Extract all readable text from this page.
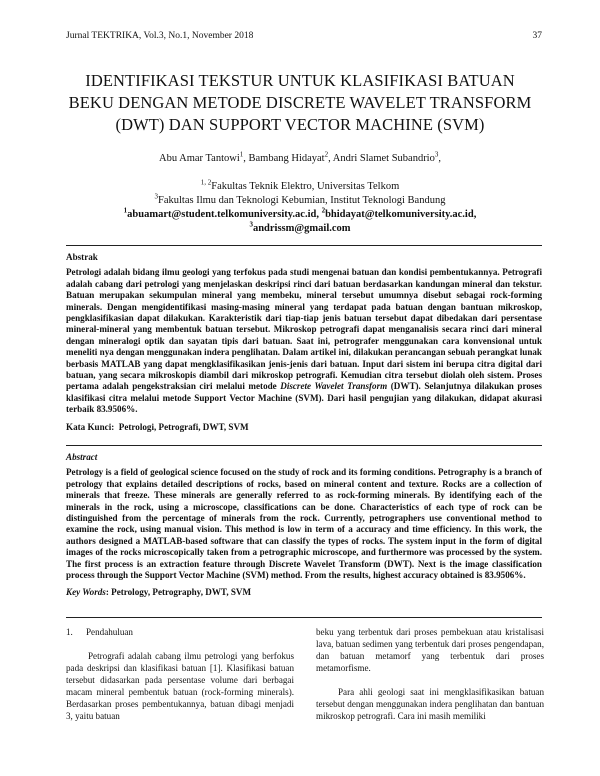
Jurnal TEKTRIKA, Vol.3, No.1, November 2018	37
IDENTIFIKASI TEKSTUR UNTUK KLASIFIKASI BATUAN
BEKU DENGAN METODE DISCRETE WAVELET TRANSFORM
(DWT) DAN SUPPORT VECTOR MACHINE (SVM)
Abu Amar Tantowi$^1$, Bambang Hidayat$^2$, Andri Slamet Subandrio$^3$,
$^{1, 2}$Fakultas Teknik Elektro, Universitas Telkom
$^3$Fakultas Ilmu dan Teknologi Kebumian, Institut Teknologi Bandung
$^1$abuamart@student.telkomuniversity.ac.id, $^2$bhidayat@telkomuniversity.ac.id,
$^3$andrissm@gmail.com
Abstrak
Petrologi adalah bidang ilmu geologi yang terfokus pada studi mengenai batuan dan kondisi pembentukannya. Petrografi adalah cabang dari petrologi yang menjelaskan deskripsi rinci dari batuan berdasarkan kandungan mineral dan tekstur. Batuan merupakan sekumpulan mineral yang membeku, mineral tersebut umumnya disebut sebagai rock-forming minerals. Dengan mengidentifikasi masing-masing mineral yang terdapat pada batuan dengan bantuan mikroskop, pengklasifikasian dapat dilakukan. Karakteristik dari tiap-tiap jenis batuan tersebut dapat dibedakan dari persentase mineral-mineral yang membentuk batuan tersebut. Mikroskop petrografi dapat menganalisis secara rinci dari mineral dengan mineralogi optik dan sayatan tipis dari batuan. Saat ini, petrografer menggunakan cara konvensional untuk meneliti nya dengan menggunakan indera penglihatan. Dalam artikel ini, dilakukan perancangan sebuah perangkat lunak berbasis MATLAB yang dapat mengklasifikasikan jenis-jenis dari batuan. Input dari sistem ini berupa citra digital dari batuan, yang secara mikroskopis diambil dari mikroskop petrografi. Kemudian citra tersebut diolah oleh sistem. Proses pertama adalah pengekstraksian ciri melalui metode Discrete Wavelet Transform (DWT). Selanjutnya dilakukan proses klasifikasi citra melalui metode Support Vector Machine (SVM). Dari hasil pengujian yang dilakukan, didapat akurasi terbaik 83.9506%.
Kata Kunci: Petrologi, Petrografi, DWT, SVM
Abstract
Petrology is a field of geological science focused on the study of rock and its forming conditions. Petrography is a branch of petrology that explains detailed descriptions of rocks, based on mineral content and texture. Rocks are a collection of minerals that freeze. These minerals are generally referred to as rock-forming minerals. By identifying each of the minerals in the rock, using a microscope, classifications can be done. Characteristics of each type of rock can be distinguished from the percentage of minerals from the rock. Currently, petrographers use conventional method to examine the rock, using manual vision. This method is low in term of a accuracy and time efficiency. In this work, the authors designed a MATLAB-based software that can classify the types of rocks. The system input in the form of digital images of the rocks microscopically taken from a petrographic microscope, and furthermore was processed by the system. The first process is an extraction feature through Discrete Wavelet Transform (DWT). Next is the image classification process through the Support Vector Machine (SVM) method. From the results, highest accuracy obtained is 83.9506%.
Key Words: Petrology, Petrography, DWT, SVM
1. Pendahuluan

Petrografi adalah cabang ilmu petrologi yang berfokus pada deskripsi dan klasifikasi batuan [1]. Klasifikasi batuan tersebut didasarkan pada persentase volume dari berbagai macam mineral pembentuk batuan (rock-forming minerals). Berdasarkan proses pembentukannya, batuan dibagi menjadi 3, yaitu batuan

beku yang terbentuk dari proses pembekuan atau kristalisasi lava, batuan sedimen yang terbentuk dari proses pengendapan, dan batuan metamorf yang terbentuk dari proses metamorfisme.

Para ahli geologi saat ini mengklasifikasikan batuan tersebut dengan menggunakan indera penglihatan dan bantuan mikroskop petrografi. Cara ini masih memiliki
